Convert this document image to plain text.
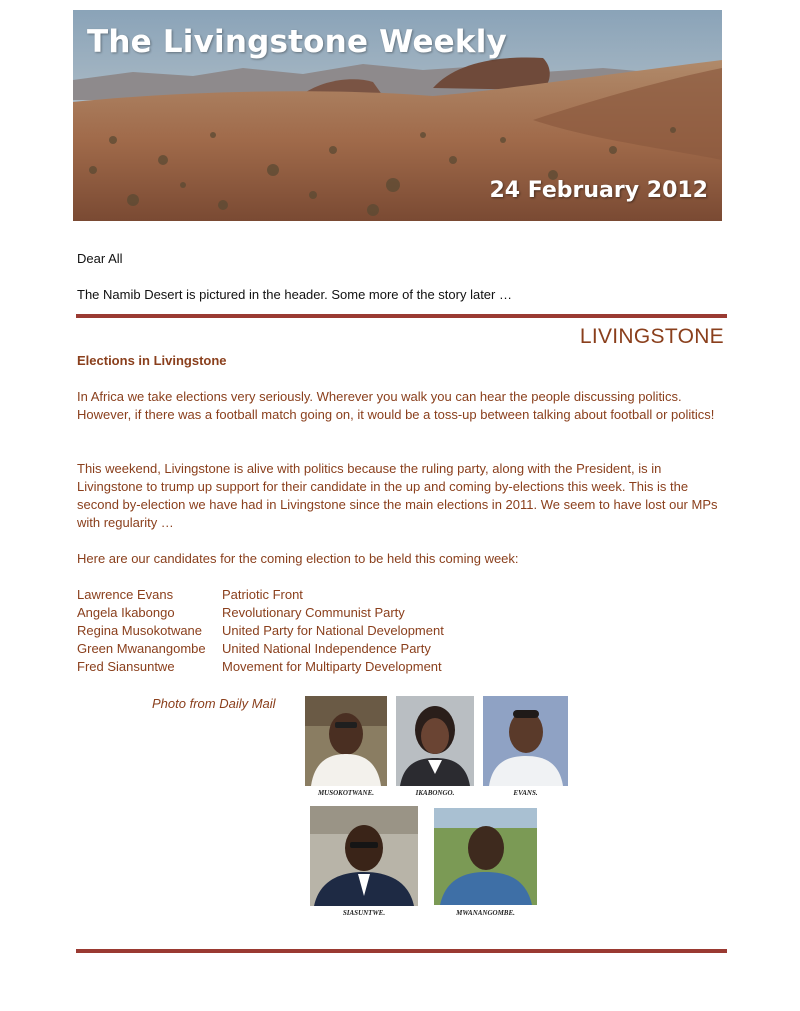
The Livingstone Weekly
24 February 2012
Dear All
The Namib Desert is pictured in the header. Some more of the story later …
LIVINGSTONE
Elections in Livingstone

In Africa we take elections very seriously. Wherever you walk you can hear the people discussing politics. However, if there was a football match going on, it would be a toss-up between talking about football or politics!

This weekend, Livingstone is alive with politics because the ruling party, along with the President, is in Livingstone to trump up support for their candidate in the up and coming by-elections this week. This is the second by-election we have had in Livingstone since the main elections in 2011. We seem to have lost our MPs with regularity …

Here are our candidates for the coming election to be held this coming week:

Lawrence Evans	Patriotic Front
Angela Ikabongo	Revolutionary Communist Party
Regina Musokotwane	United Party for National Development
Green Mwanangombe	United National Independence Party
Fred Siansuntwe	Movement for Multiparty Development
Photo from Daily Mail
MUSOKOTWANE.	IKABONGO.	EVANS.
SIASUNTWE.	MWANANGOMBE.
